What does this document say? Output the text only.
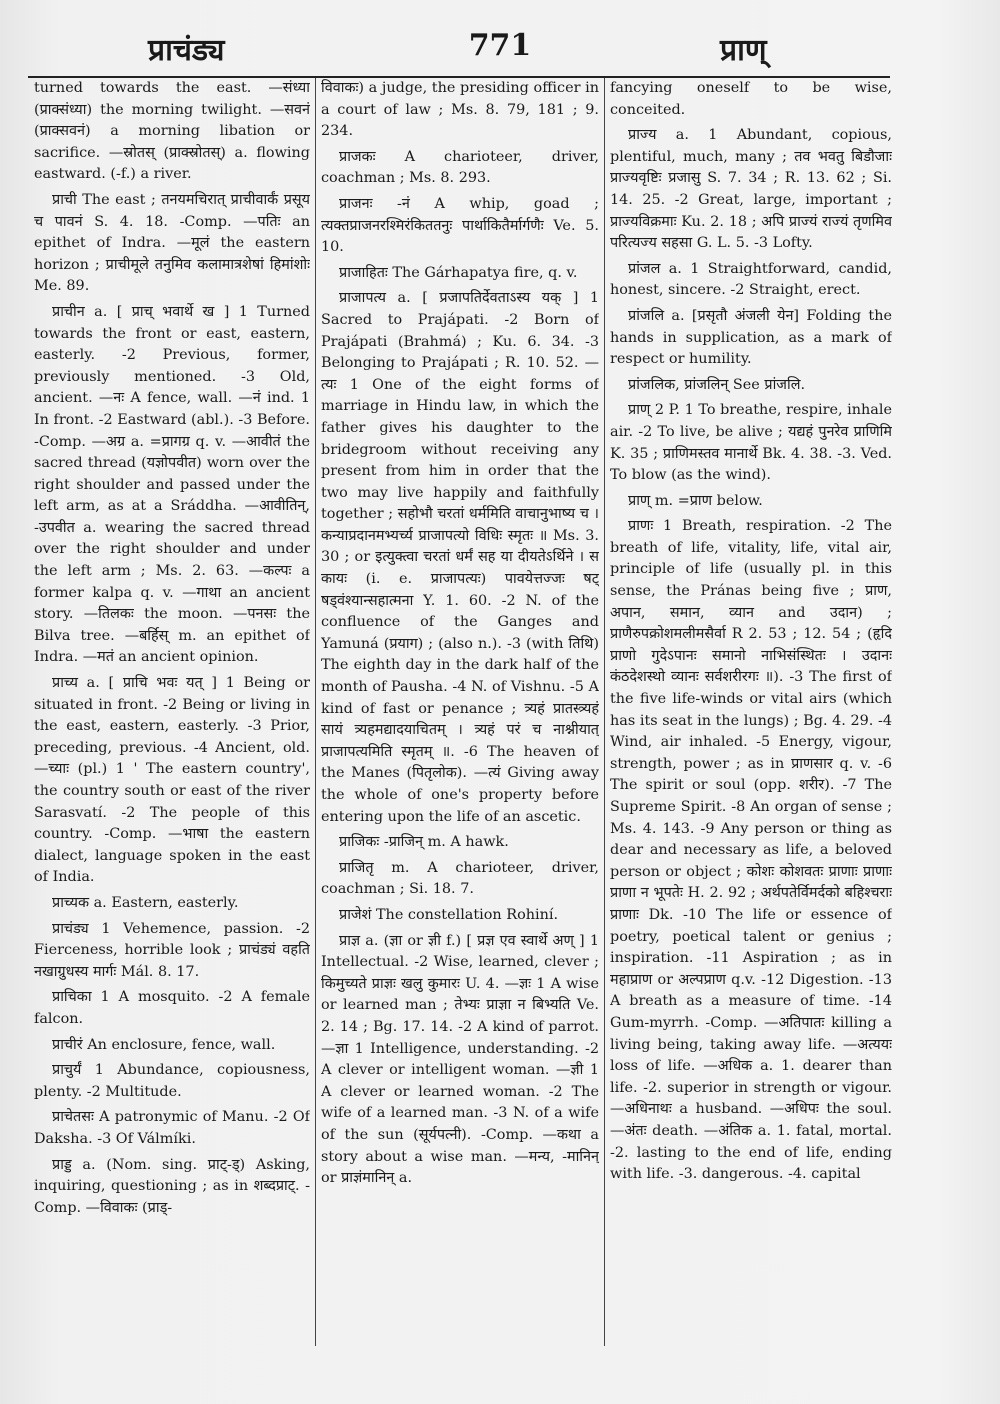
प्राचंड्य	771	प्राण्

turned towards the east. —संध्या (प्राक्संध्या) the morning twilight. —सवनं (प्राक्सवनं) a morning libation or sacrifice. —स्रोतस् (प्राक्स्रोतस्) a. flowing eastward. (-f.) a river.

प्राची The east ; तनयमचिरात् प्राचीवार्कं प्रसूय च पावनं S. 4. 18. -Comp. —पतिः an epithet of Indra. —मूलं the eastern horizon ; प्राचीमूले तनुमिव कलामात्रशेषां हिमांशोः Me. 89.

प्राचीन a. [ प्राच् भवार्थे ख ] 1 Turned towards the front or east, eastern, easterly. -2 Previous, former, previously mentioned. -3 Old, ancient. —नः A fence, wall. —नं ind. 1 In front. -2 Eastward (abl.). -3 Before. -Comp. —अग्र a. =प्रागग्र q. v. —आवीतं the sacred thread (यज्ञोपवीत) worn over the right shoulder and passed under the left arm, as at a Sráddha. —आवीतिन्, -उपवीत a. wearing the sacred thread over the right shoulder and under the left arm ; Ms. 2. 63. —कल्पः a former kalpa q. v. —गाथा an ancient story. —तिलकः the moon. —पनसः the Bilva tree. —बर्हिस् m. an epithet of Indra. —मतं an ancient opinion.

प्राच्य a. [ प्राचि भवः यत् ] 1 Being or situated in front. -2 Being or living in the east, eastern, easterly. -3 Prior, preceding, previous. -4 Ancient, old. —च्याः (pl.) 1 ' The eastern country', the country south or east of the river Sarasvatí. -2 The people of this country. -Comp. —भाषा the eastern dialect, language spoken in the east of India.

प्राच्यक a. Eastern, easterly.

प्राचंड्य 1 Vehemence, passion. -2 Fierceness, horrible look ; प्राचंड्यं वहति नखाग्रुधस्य मार्गः Mál. 8. 17.

प्राचिका 1 A mosquito. -2 A female falcon.

प्राचीरं An enclosure, fence, wall.

प्राचुर्यं 1 Abundance, copiousness, plenty. -2 Multitude.

प्राचेतसः A patronymic of Manu. -2 Of Daksha. -3 Of Válmíki.

प्राड्ड a. (Nom. sing. प्राट्-ड्) Asking, inquiring, questioning ; as in शब्दप्राट्. -Comp. —विवाकः (प्राड्-

विवाकः) a judge, the presiding officer in a court of law ; Ms. 8. 79, 181 ; 9. 234.

प्राजकः A charioteer, driver, coachman ; Ms. 8. 293.

प्राजनः -नं A whip, goad ; त्यक्तप्राजनरश्मिरंकिततनुः पार्थाकितैर्मार्गणैः Ve. 5. 10.

प्राजाहितः The Gárhapatya fire, q. v.

प्राजापत्य a. [ प्रजापतिर्देवताऽस्य यक् ] 1 Sacred to Prajápati. -2 Born of Prajápati (Brahmá) ; Ku. 6. 34. -3 Belonging to Prajápati ; R. 10. 52. —त्यः 1 One of the eight forms of marriage in Hindu law, in which the father gives his daughter to the bridegroom without receiving any present from him in order that the two may live happily and faithfully together ; सहोभौ चरतां धर्ममिति वाचानुभाष्य च । कन्याप्रदानमभ्यर्च्य प्राजापत्यो विधिः स्मृतः ॥ Ms. 3. 30 ; or इत्युक्त्वा चरतां धर्मं सह या दीयतेऽर्थिने । स कायः (i. e. प्राजापत्यः) पावयेत्तज्जः षट् षड्वंश्यान्सहात्मना Y. 1. 60. -2 N. of the confluence of the Ganges and Yamuná (प्रयाग) ; (also n.). -3 (with तिथि) The eighth day in the dark half of the month of Pausha. -4 N. of Vishnu. -5 A kind of fast or penance ; त्र्यहं प्रातस्त्र्यहं सायं त्र्यहमद्यादयाचितम् । त्र्यहं परं च नाश्नीयात् प्राजापत्यमिति स्मृतम् ॥. -6 The heaven of the Manes (पितृलोक). —त्यं Giving away the whole of one's property before entering upon the life of an ascetic.

प्राजिकः -प्राजिन् m. A hawk.

प्राजितृ m. A charioteer, driver, coachman ; Si. 18. 7.

प्राजेशं The constellation Rohiní.

प्राज्ञ a. (ज्ञा or ज्ञी f.) [ प्रज्ञ एव स्वार्थे अण् ] 1 Intellectual. -2 Wise, learned, clever ; किमुच्यते प्राज्ञः खलु कुमारः U. 4. —ज्ञः 1 A wise or learned man ; तेभ्यः प्राज्ञा न बिभ्यति Ve. 2. 14 ; Bg. 17. 14. -2 A kind of parrot. —ज्ञा 1 Intelligence, understanding. -2 A clever or intelligent woman. —ज्ञी 1 A clever or learned woman. -2 The wife of a learned man. -3 N. of a wife of the sun (सूर्यपत्नी). -Comp. —कथा a story about a wise man. —मन्य, -मानिन् or प्राज्ञंमानिन् a.

fancying oneself to be wise, conceited.

प्राज्य a. 1 Abundant, copious, plentiful, much, many ; तव भवतु बिडौजाः प्राज्यवृष्टिः प्रजासु S. 7. 34 ; R. 13. 62 ; Si. 14. 25. -2 Great, large, important ; प्राज्यविक्रमाः Ku. 2. 18 ; अपि प्राज्यं राज्यं तृणमिव परित्यज्य सहसा G. L. 5. -3 Lofty.

प्रांजल a. 1 Straightforward, candid, honest, sincere. -2 Straight, erect.

प्रांजलि a. [प्रसृतौ अंजली येन] Folding the hands in supplication, as a mark of respect or humility.

प्रांजलिक, प्रांजलिन् See प्रांजलि.

प्राण् 2 P. 1 To breathe, respire, inhale air. -2 To live, be alive ; यद्यहं पुनरेव प्राणिमि K. 35 ; प्राणिमस्तव मानार्थे Bk. 4. 38. -3. Ved. To blow (as the wind).

प्राण् m. =प्राण below.

प्राणः 1 Breath, respiration. -2 The breath of life, vitality, life, vital air, principle of life (usually pl. in this sense, the Pránas being five ; प्राण, अपान, समान, व्यान and उदान) ; प्राणैरुपक्रोशमलीमसैर्वा R 2. 53 ; 12. 54 ; (हृदि प्राणो गुदेऽपानः समानो नाभिसंस्थितः । उदानः कंठदेशस्थो व्यानः सर्वशरीरगः ॥). -3 The first of the five life-winds or vital airs (which has its seat in the lungs) ; Bg. 4. 29. -4 Wind, air inhaled. -5 Energy, vigour, strength, power ; as in प्राणसार q. v. -6 The spirit or soul (opp. शरीर). -7 The Supreme Spirit. -8 An organ of sense ; Ms. 4. 143. -9 Any person or thing as dear and necessary as life, a beloved person or object ; कोशः कोशवतः प्राणाः प्राणाः प्राणा न भूपतेः H. 2. 92 ; अर्थपतेर्विमर्दको बहिश्चराः प्राणाः Dk. -10 The life or essence of poetry, poetical talent or genius ; inspiration. -11 Aspiration ; as in महाप्राण or अल्पप्राण q.v. -12 Digestion. -13 A breath as a measure of time. -14 Gum-myrrh. -Comp. —अतिपातः killing a living being, taking away life. —अत्ययः loss of life. —अधिक a. 1. dearer than life. -2. superior in strength or vigour. —अधिनाथः a husband. —अधिपः the soul. —अंतः death. —अंतिक a. 1. fatal, mortal. -2. lasting to the end of life, ending with life. -3. dangerous. -4. capital
